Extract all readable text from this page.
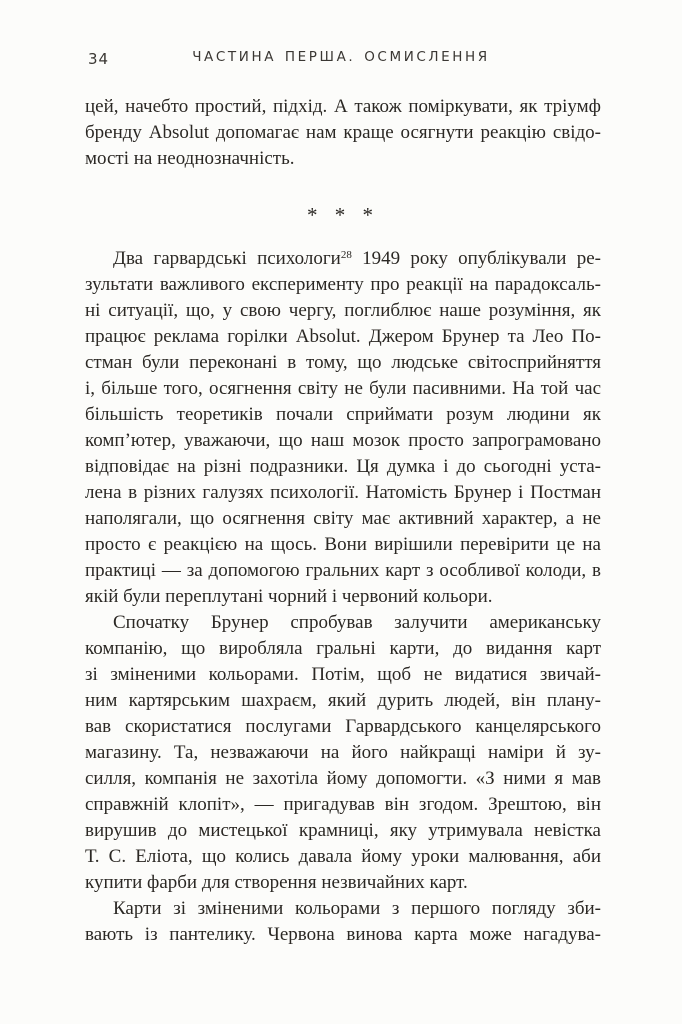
34	ЧАСТИНА ПЕРША. ОСМИСЛЕННЯ
цей, начебто простий, підхід. А також поміркувати, як тріумф
бренду Absolut допомагає нам краще осягнути реакцію свідо-
мості на неоднозначність.
* * *
Два гарвардські психологи$^{28}$ 1949 року опублікували ре-
зультати важливого експерименту про реакції на парадоксаль-
ні ситуації, що, у свою чергу, поглиблює наше розуміння, як
працює реклама горілки Absolut. Джером Брунер та Лео По-
стман були переконані в тому, що людське світосприйняття
і, більше того, осягнення світу не були пасивними. На той час
більшість теоретиків почали сприймати розум людини як
комп’ютер, уважаючи, що наш мозок просто запрограмовано
відповідає на різні подразники. Ця думка і до сьогодні уста-
лена в різних галузях психології. Натомість Брунер і Постман
наполягали, що осягнення світу має активний характер, а не
просто є реакцією на щось. Вони вирішили перевірити це на
практиці — за допомогою гральних карт з особливої колоди, в
якій були переплутані чорний і червоний кольори.
Спочатку Брунер спробував залучити американську
компанію, що виробляла гральні карти, до видання карт
зі зміненими кольорами. Потім, щоб не видатися звичай-
ним картярським шахраєм, який дурить людей, він плану-
вав скористатися послугами Гарвардського канцелярського
магазину. Та, незважаючи на його найкращі наміри й зу-
силля, компанія не захотіла йому допомогти. «З ними я мав
справжній клопіт», — пригадував він згодом. Зрештою, він
вирушив до мистецької крамниці, яку утримувала невістка
Т. С. Еліота, що колись давала йому уроки малювання, аби
купити фарби для створення незвичайних карт.
Карти зі зміненими кольорами з першого погляду зби-
вають із пантелику. Червона винова карта може нагадува-
